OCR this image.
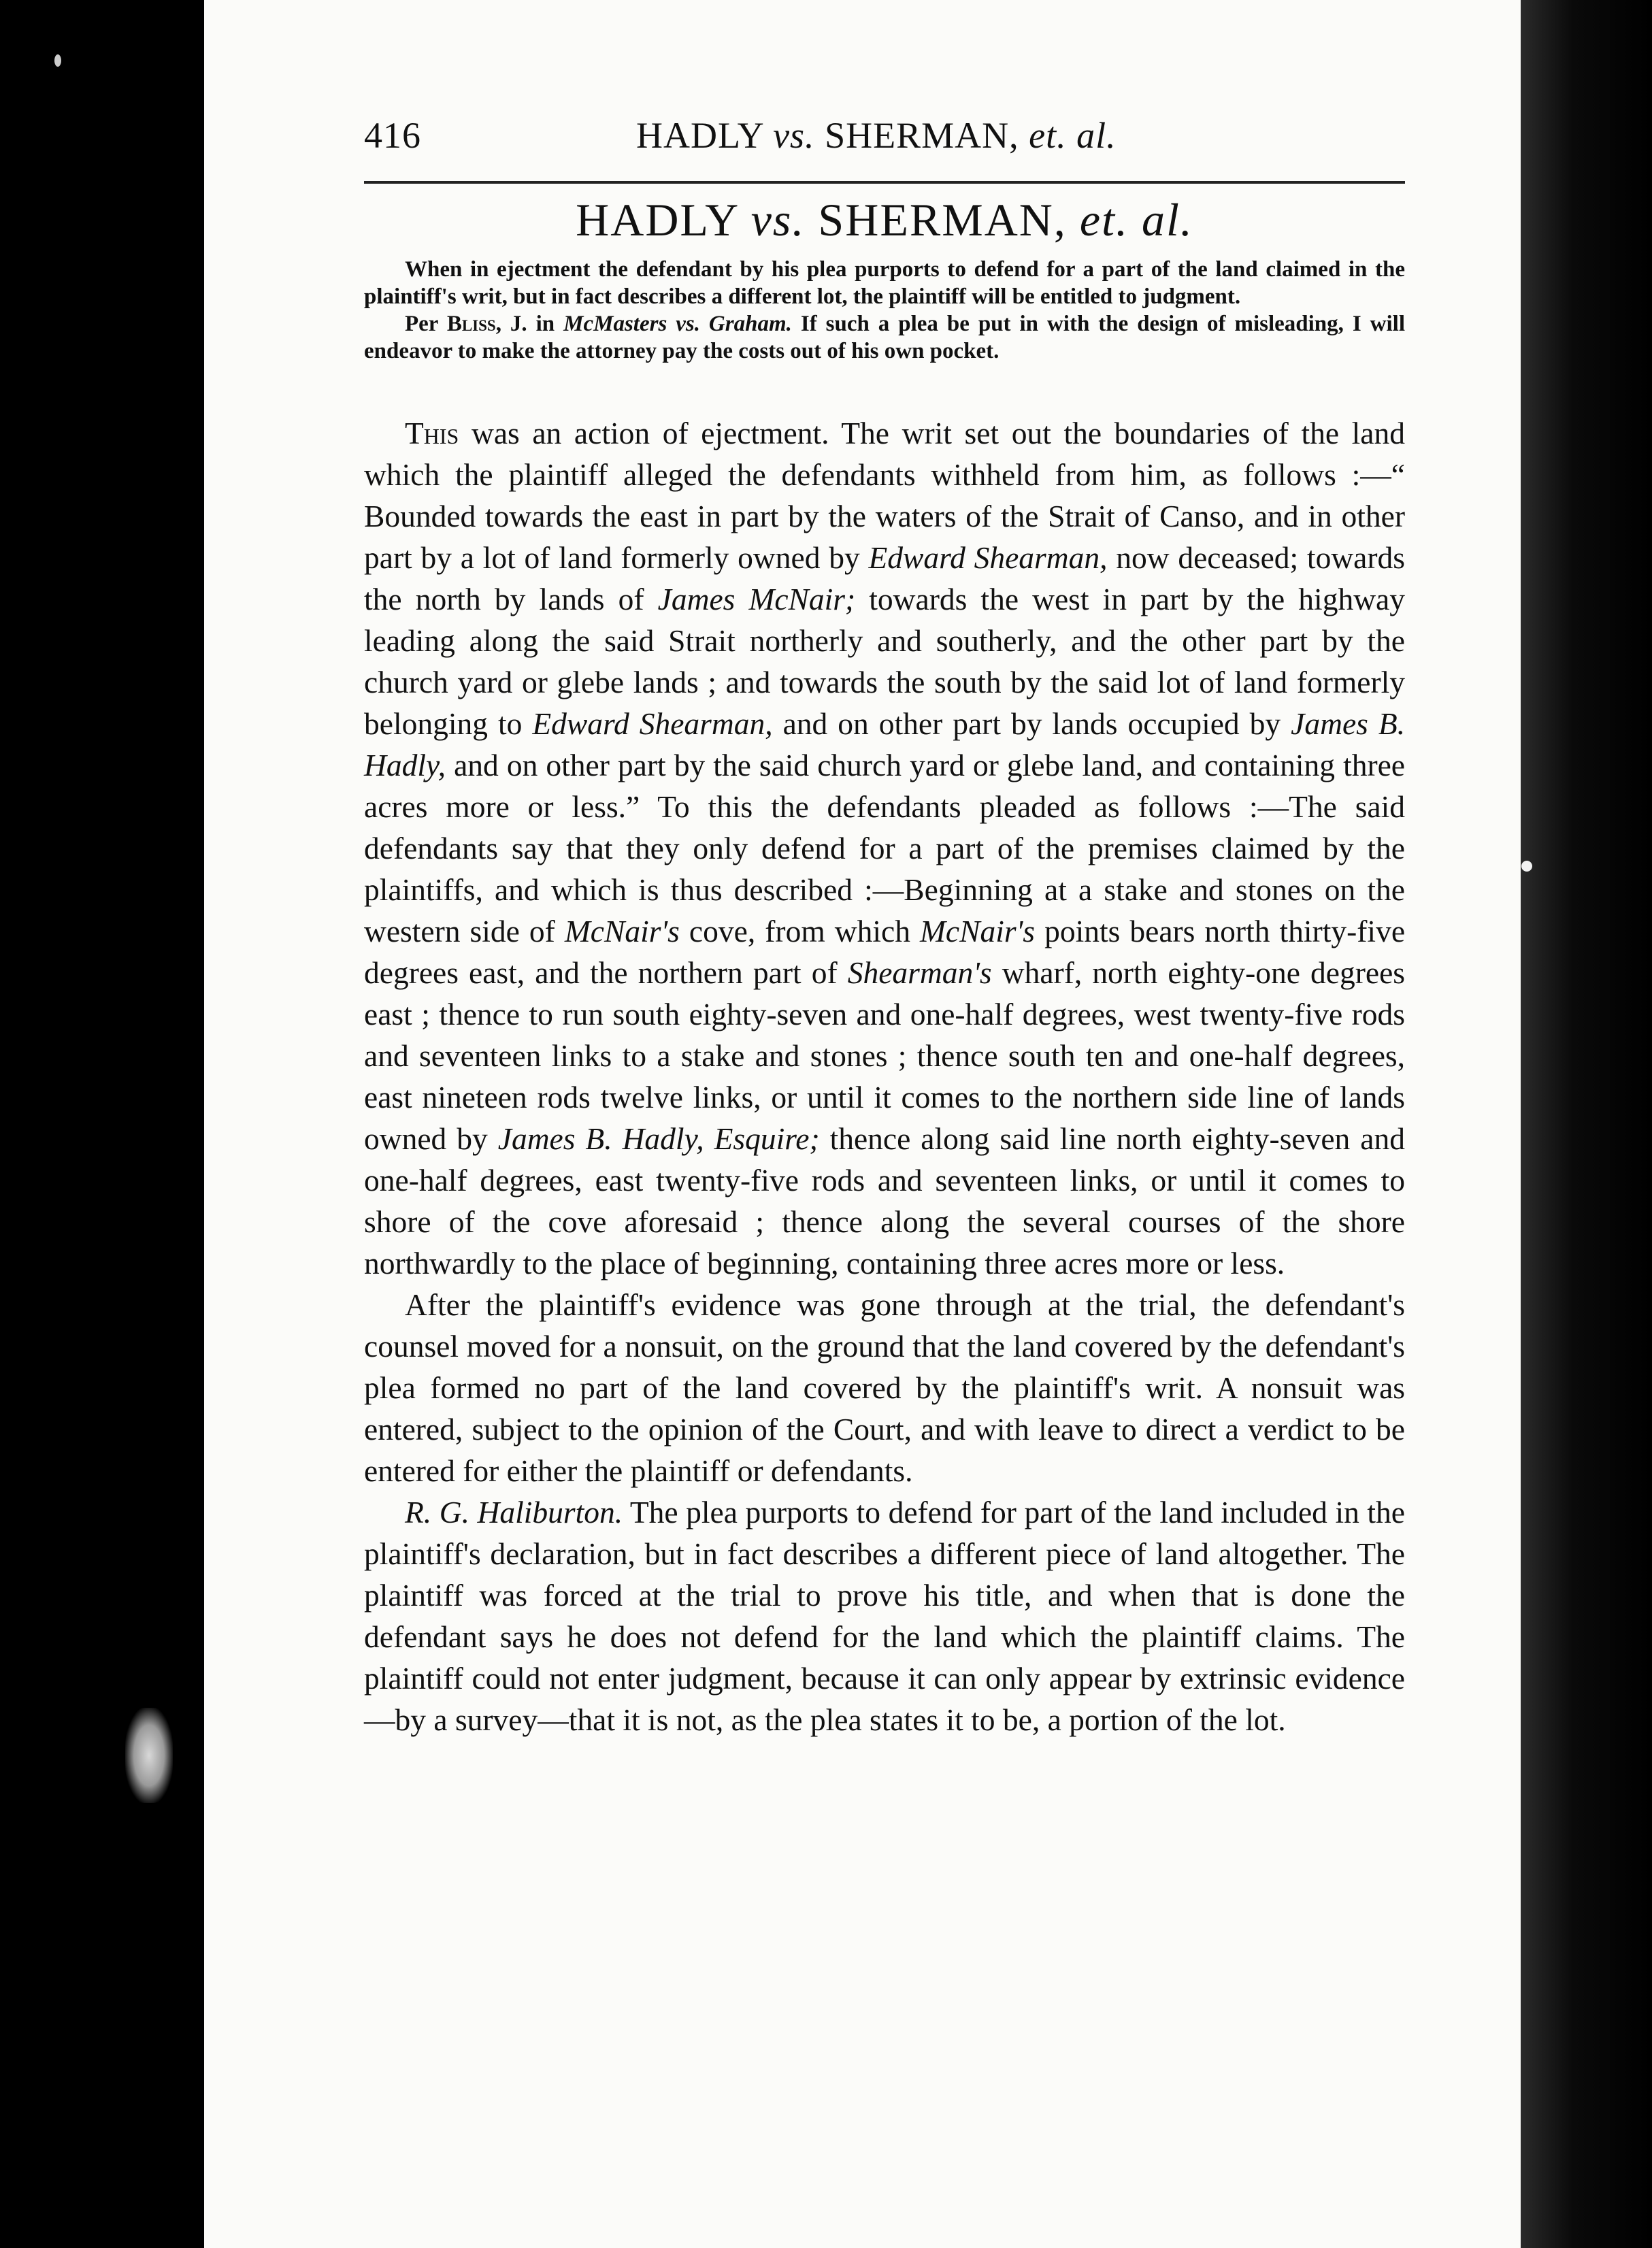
416	HADLY vs. SHERMAN, et. al.
HADLY vs. SHERMAN, et. al.

When in ejectment the defendant by his plea purports to defend for a part of the land claimed in the plaintiff's writ, but in fact describes a different lot, the plaintiff will be entitled to judgment.

Per Bliss, J. in McMasters vs. Graham. If such a plea be put in with the design of misleading, I will endeavor to make the attorney pay the costs out of his own pocket.

This was an action of ejectment. The writ set out the boundaries of the land which the plaintiff alleged the defendants withheld from him, as follows :—“ Bounded towards the east in part by the waters of the Strait of Canso, and in other part by a lot of land formerly owned by Edward Shearman, now deceased; towards the north by lands of James McNair; towards the west in part by the highway leading along the said Strait northerly and southerly, and the other part by the church yard or glebe lands ; and towards the south by the said lot of land formerly belonging to Edward Shearman, and on other part by lands occupied by James B. Hadly, and on other part by the said church yard or glebe land, and containing three acres more or less.” To this the defendants pleaded as follows :—The said defendants say that they only defend for a part of the premises claimed by the plaintiffs, and which is thus described :—Beginning at a stake and stones on the western side of McNair's cove, from which McNair's points bears north thirty-five degrees east, and the northern part of Shearman's wharf, north eighty-one degrees east ; thence to run south eighty-seven and one-half degrees, west twenty-five rods and seventeen links to a stake and stones ; thence south ten and one-half degrees, east nineteen rods twelve links, or until it comes to the northern side line of lands owned by James B. Hadly, Esquire; thence along said line north eighty-seven and one-half degrees, east twenty-five rods and seventeen links, or until it comes to shore of the cove aforesaid ; thence along the several courses of the shore northwardly to the place of beginning, containing three acres more or less.

After the plaintiff's evidence was gone through at the trial, the defendant's counsel moved for a nonsuit, on the ground that the land covered by the defendant's plea formed no part of the land covered by the plaintiff's writ. A nonsuit was entered, subject to the opinion of the Court, and with leave to direct a verdict to be entered for either the plaintiff or defendants.

R. G. Haliburton. The plea purports to defend for part of the land included in the plaintiff's declaration, but in fact describes a different piece of land altogether. The plaintiff was forced at the trial to prove his title, and when that is done the defendant says he does not defend for the land which the plaintiff claims. The plaintiff could not enter judgment, because it can only appear by extrinsic evidence—by a survey—that it is not, as the plea states it to be, a portion of the lot.
